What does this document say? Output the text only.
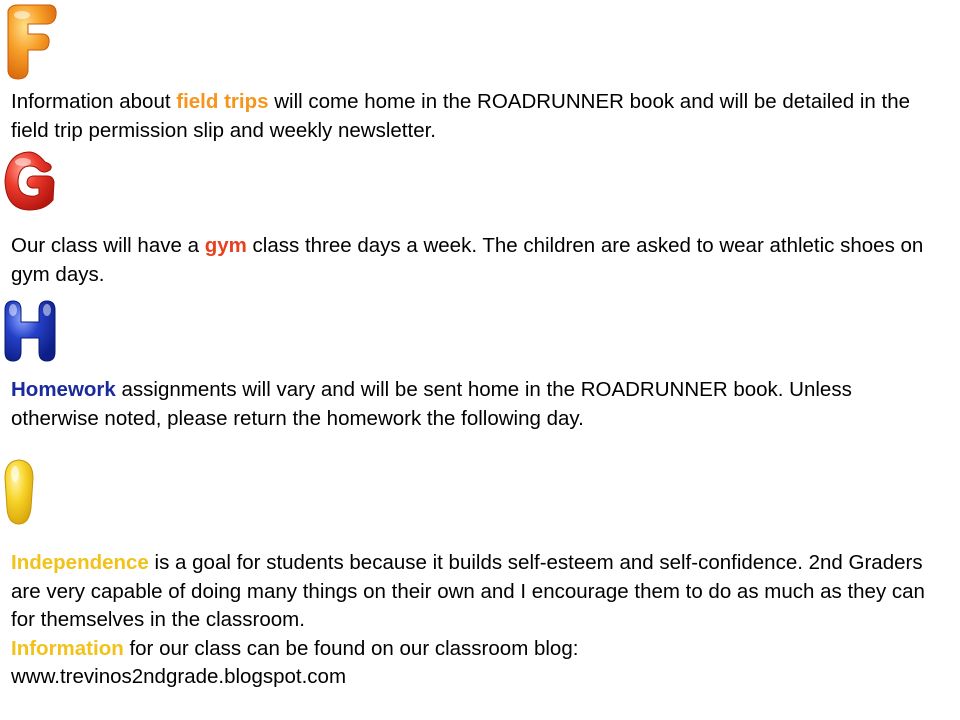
Information about field trips will come home in the ROADRUNNER book and will be detailed in the field trip permission slip and weekly newsletter.

Our class will have a gym class three days a week. The children are asked to wear athletic shoes on gym days.

Homework assignments will vary and will be sent home in the ROADRUNNER book. Unless otherwise noted, please return the homework the following day.

Independence is a goal for students because it builds self-esteem and self-confidence. 2nd Graders are very capable of doing many things on their own and I encourage them to do as much as they can for themselves in the classroom.
Information for our class can be found on our classroom blog:
www.trevinos2ndgrade.blogspot.com
